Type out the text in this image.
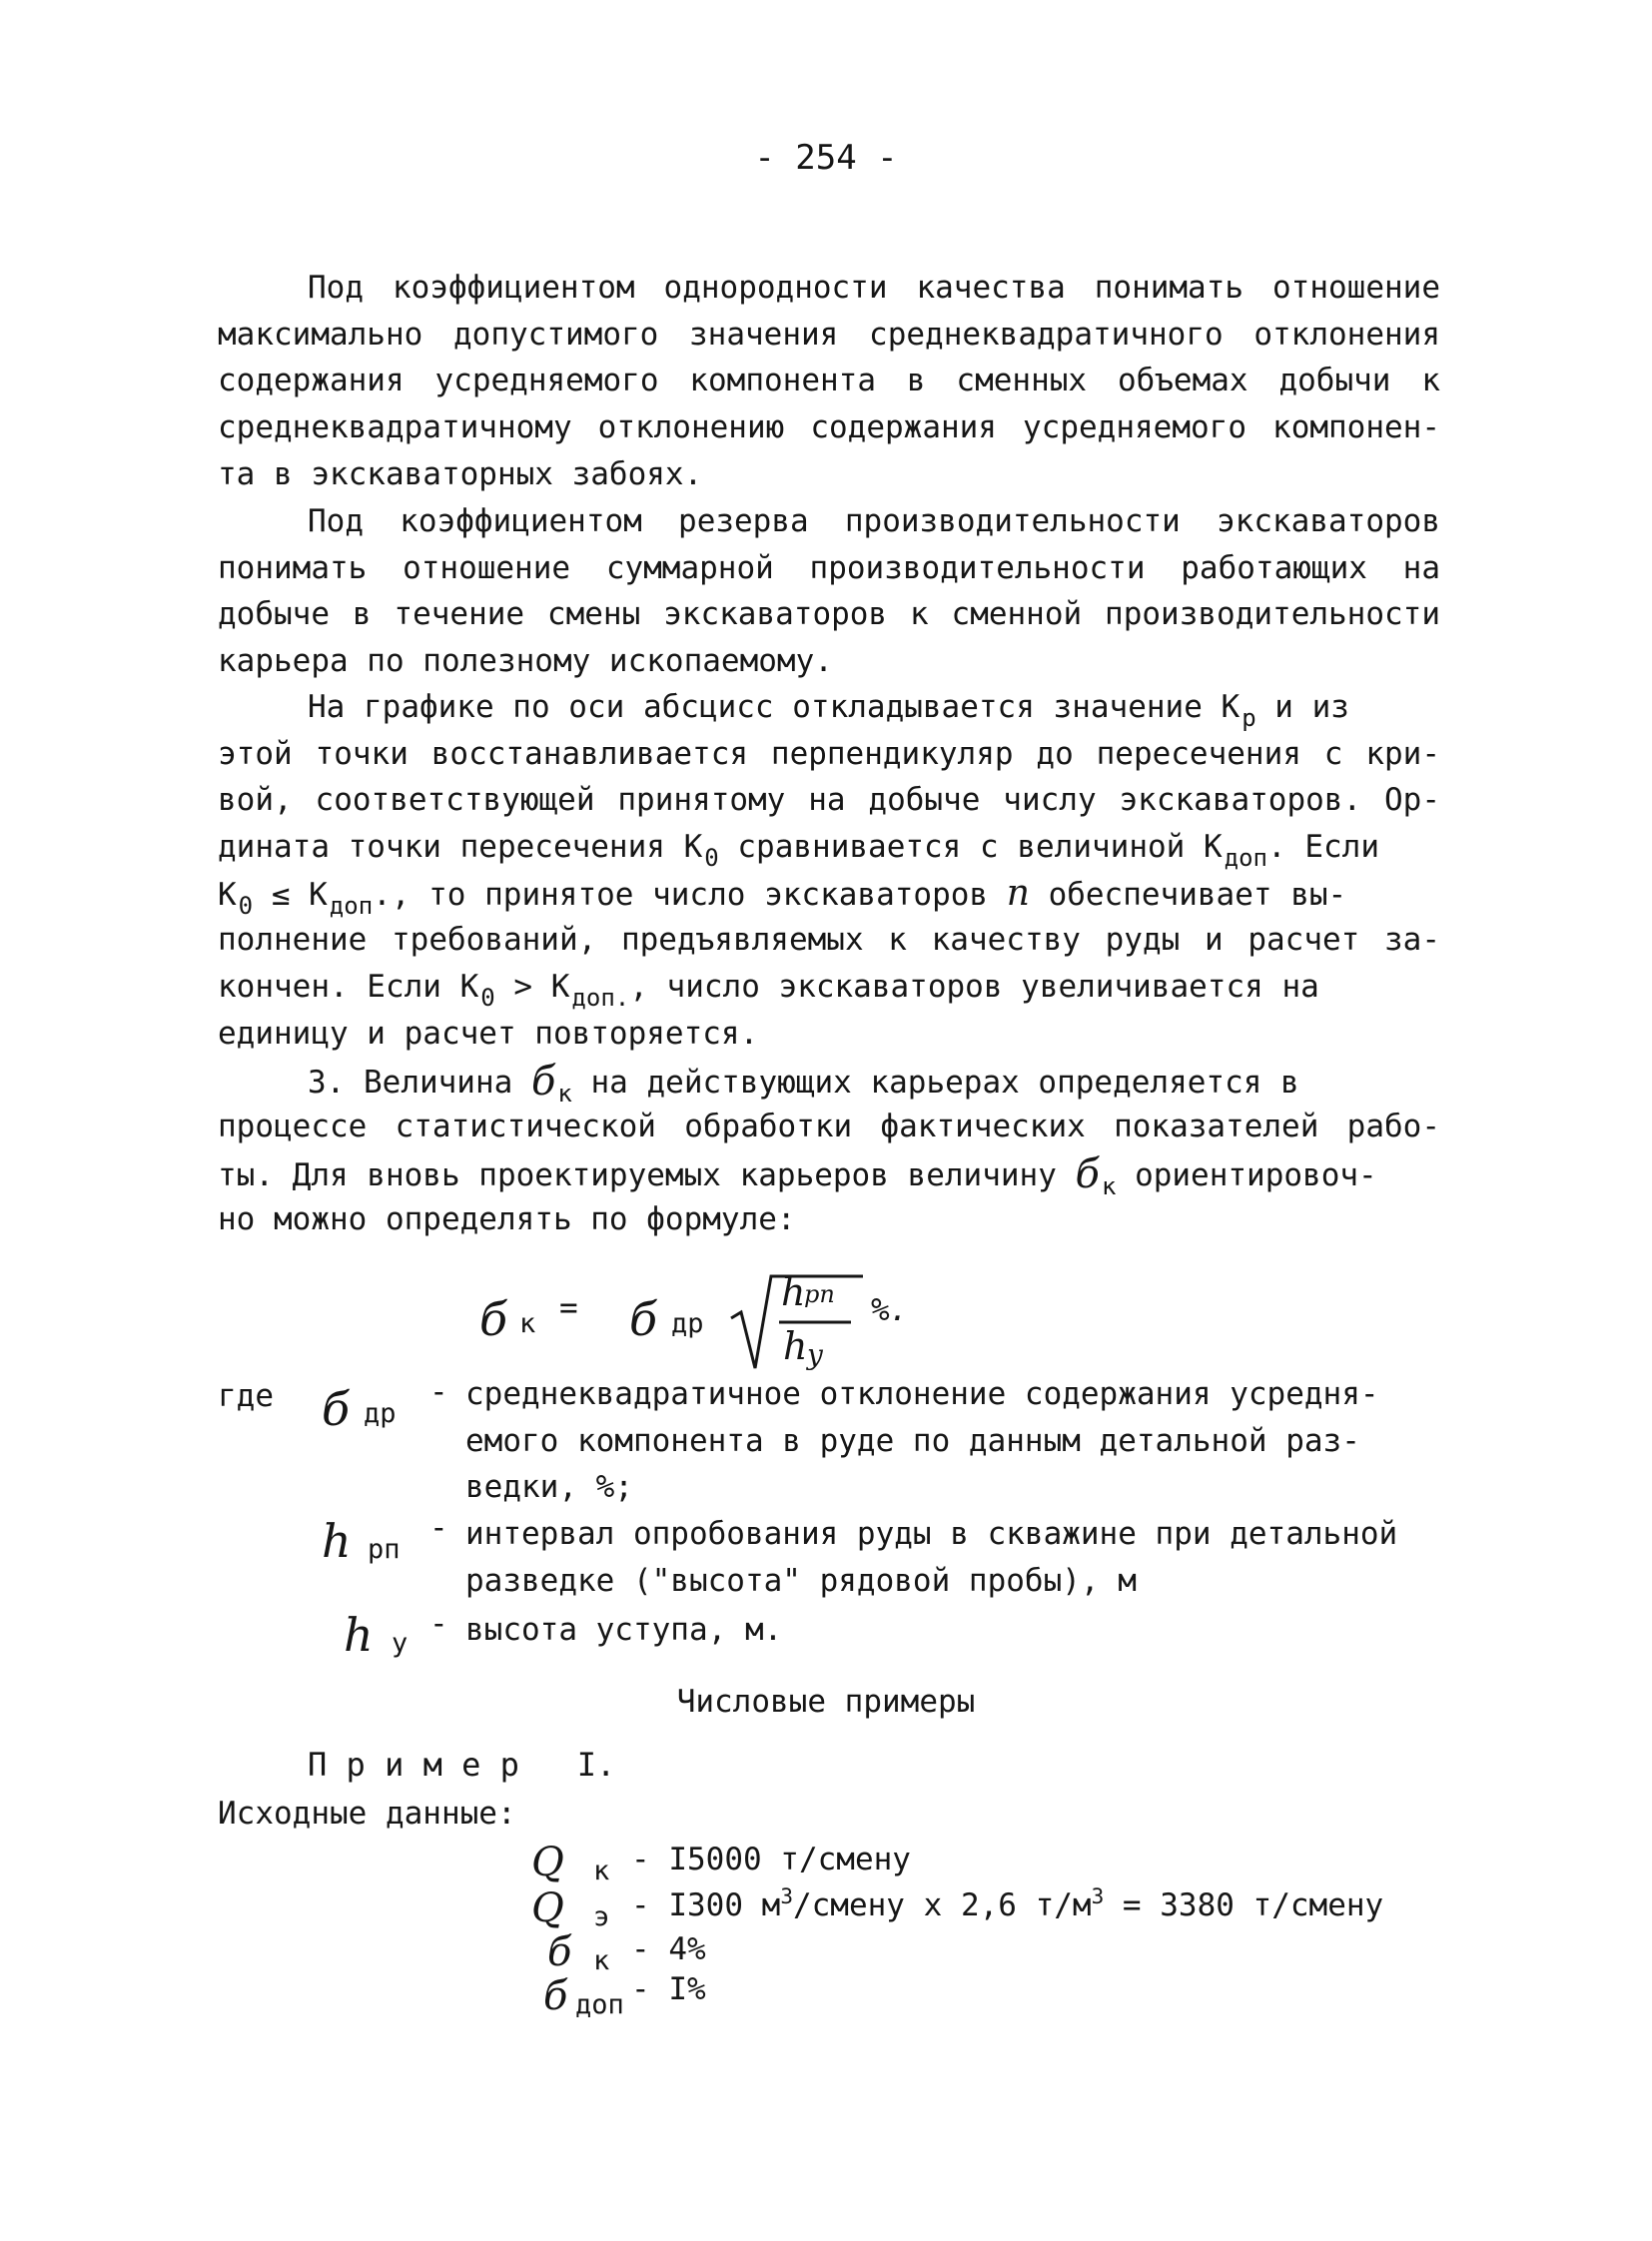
- 254 -
Под коэффициентом однородности качества понимать отношение
максимально допустимого значения среднеквадратичного отклонения
содержания усредняемого компонента в сменных объемах добычи к
среднеквадратичному отклонению содержания усредняемого компонен-
та в экскаваторных забоях.
Под коэффициентом резерва производительности экскаваторов
понимать отношение суммарной производительности работающих на
добыче в течение смены экскаваторов к сменной производительности
карьера по полезному ископаемому.
На графике по оси абсцисс откладывается значение $К_р$ и из
этой точки восстанавливается перпендикуляр до пересечения с кри-
вой, соответствующей принятому на добыче числу экскаваторов. Ор-
дината точки пересечения $К_0$ сравнивается с величиной $К_{доп}$. Если
$К_0 \le К_{доп}$., то принятое число экскаваторов n обеспечивает вы-
полнение требований, предъявляемых к качеству руды и расчет за-
кончен. Если $К_0 > К_{доп.}$, число экскаваторов увеличивается на
единицу и расчет повторяется.
3. Величина $б_к$ на действующих карьерах определяется в
процессе статистической обработки фактических показателей рабо-
ты. Для вновь проектируемых карьеров величину $б_к$ ориентировоч-
но можно определять по формуле:
б к = б др
h
рп
h у
%.
где б др
- среднеквадратичное отклонение содержания усредня-
емого компонента в руде по данным детальной раз-
ведки, %;
h рп
- интервал опробования руды в скважине при детальной
разведке ("высота" рядовой пробы), м
h у
- высота уступа, м.
Числовые примеры
П р и м е р   I.
Исходные данные:
Q к - I5000 т/смену
Q э - I300 $м^3$/смену х 2,6 $т/м^3 = 3380$ т/смену
б к - 4%
б доп - I%
